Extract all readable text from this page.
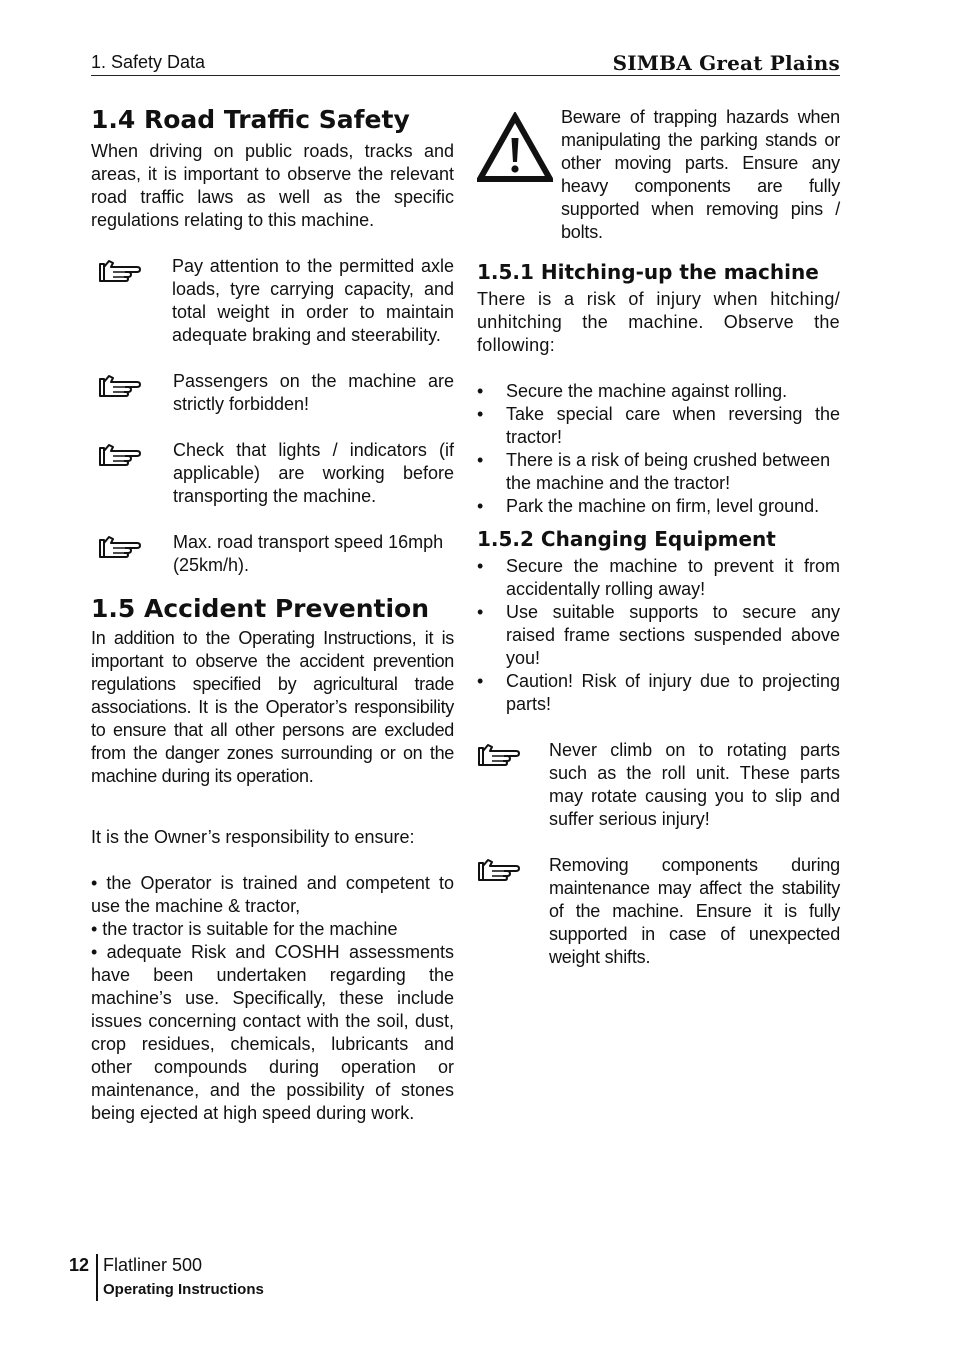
1. Safety Data	SIMBA Great Plains
1.4 Road Traffic Safety

When driving on public roads, tracks and areas, it is important to observe the relevant road traffic laws as well as the specific regulations relating to this machine.

Pay attention to the permitted axle loads, tyre carrying capacity, and total weight in order to maintain adequate braking and steerability.

Passengers on the machine are strictly forbidden!

Check that lights / indicators (if applicable) are working before transporting the machine.

Max. road transport speed 16mph (25km/h).

1.5 Accident Prevention

In addition to the Operating Instructions, it is important to observe the accident prevention regulations specified by agricultural trade associations. It is the Operator’s responsibility to ensure that all other persons are excluded from the danger zones surrounding or on the machine during its operation.

It is the Owner’s responsibility to ensure:

• the Operator is trained and competent to use the machine & tractor,

• the tractor is suitable for the machine

• adequate Risk and COSHH assessments have been undertaken regarding the machine’s use. Specifically, these include issues concerning contact with the soil, dust, crop residues, chemicals, lubricants and other compounds during operation or maintenance, and the possibility of stones being ejected at high speed during work.

Beware of trapping hazards when manipulating the parking stands or other moving parts. Ensure any heavy components are fully supported when removing pins / bolts.

1.5.1 Hitching-up the machine

There is a risk of injury when hitching/ unhitching the machine. Observe the following:

• Secure the machine against rolling.
• Take special care when reversing the tractor!
• There is a risk of being crushed between the machine and the tractor!
• Park the machine on firm, level ground.
1.5.2 Changing Equipment
• Secure the machine to prevent it from accidentally rolling away!
• Use suitable supports to secure any raised frame sections suspended above you!
• Caution! Risk of injury due to projecting parts!

Never climb on to rotating parts such as the roll unit. These parts may rotate causing you to slip and suffer serious injury!

Removing components during maintenance may affect the stability of the machine. Ensure it is fully supported in case of unexpected weight shifts.

12 Flatliner 500
Operating Instructions
